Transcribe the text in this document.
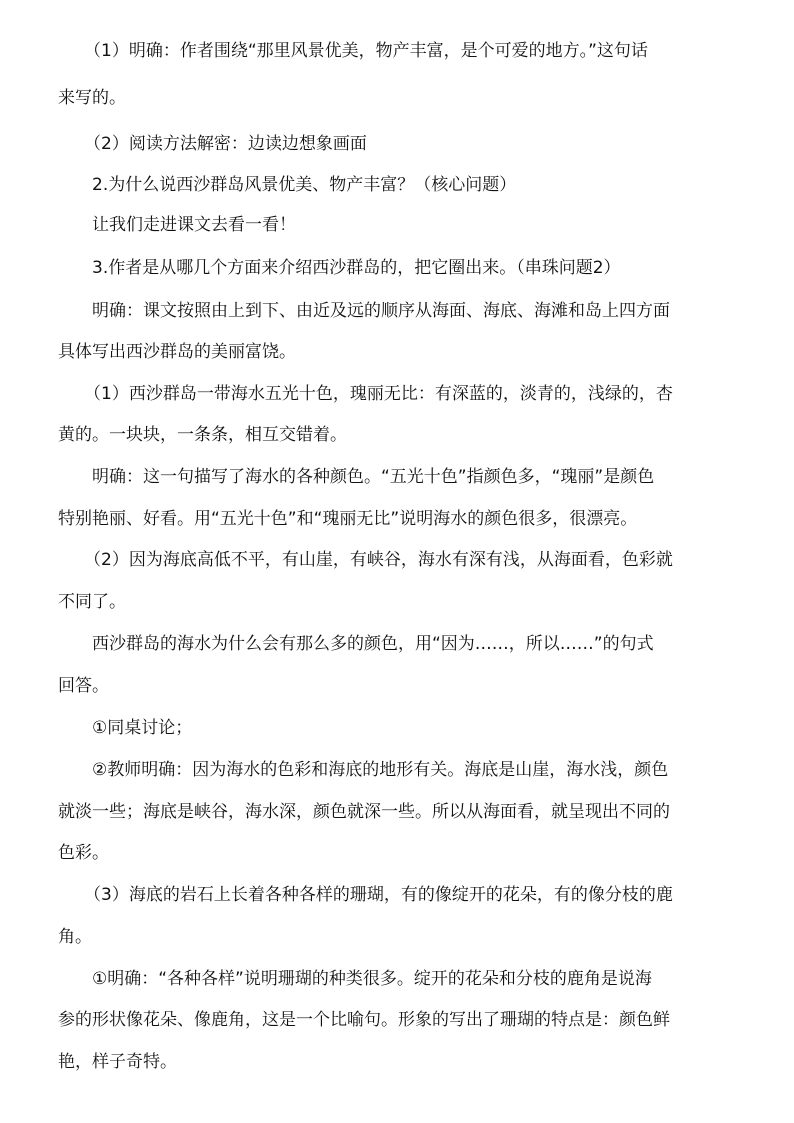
（1）明确：作者围绕“那里风景优美，物产丰富，是个可爱的地方。”这句话
来写的。
（2）阅读方法解密：边读边想象画面
2.为什么说西沙群岛风景优美、物产丰富？（核心问题）
让我们走进课文去看一看！
3.作者是从哪几个方面来介绍西沙群岛的，把它圈出来。（串珠问题2）
明确：课文按照由上到下、由近及远的顺序从海面、海底、海滩和岛上四方面
具体写出西沙群岛的美丽富饶。
（1）西沙群岛一带海水五光十色，瑰丽无比：有深蓝的，淡青的，浅绿的，杏
黄的。一块块，一条条，相互交错着。
明确：这一句描写了海水的各种颜色。“五光十色”指颜色多，“瑰丽”是颜色
特别艳丽、好看。用“五光十色”和“瑰丽无比”说明海水的颜色很多，很漂亮。
（2）因为海底高低不平，有山崖，有峡谷，海水有深有浅，从海面看，色彩就
不同了。
西沙群岛的海水为什么会有那么多的颜色，用“因为……，所以……”的句式
回答。
①同桌讨论；
②教师明确：因为海水的色彩和海底的地形有关。海底是山崖，海水浅，颜色
就淡一些；海底是峡谷，海水深，颜色就深一些。所以从海面看，就呈现出不同的
色彩。
（3）海底的岩石上长着各种各样的珊瑚，有的像绽开的花朵，有的像分枝的鹿
角。
①明确：“各种各样”说明珊瑚的种类很多。绽开的花朵和分枝的鹿角是说海
参的形状像花朵、像鹿角，这是一个比喻句。形象的写出了珊瑚的特点是：颜色鲜
艳，样子奇特。
